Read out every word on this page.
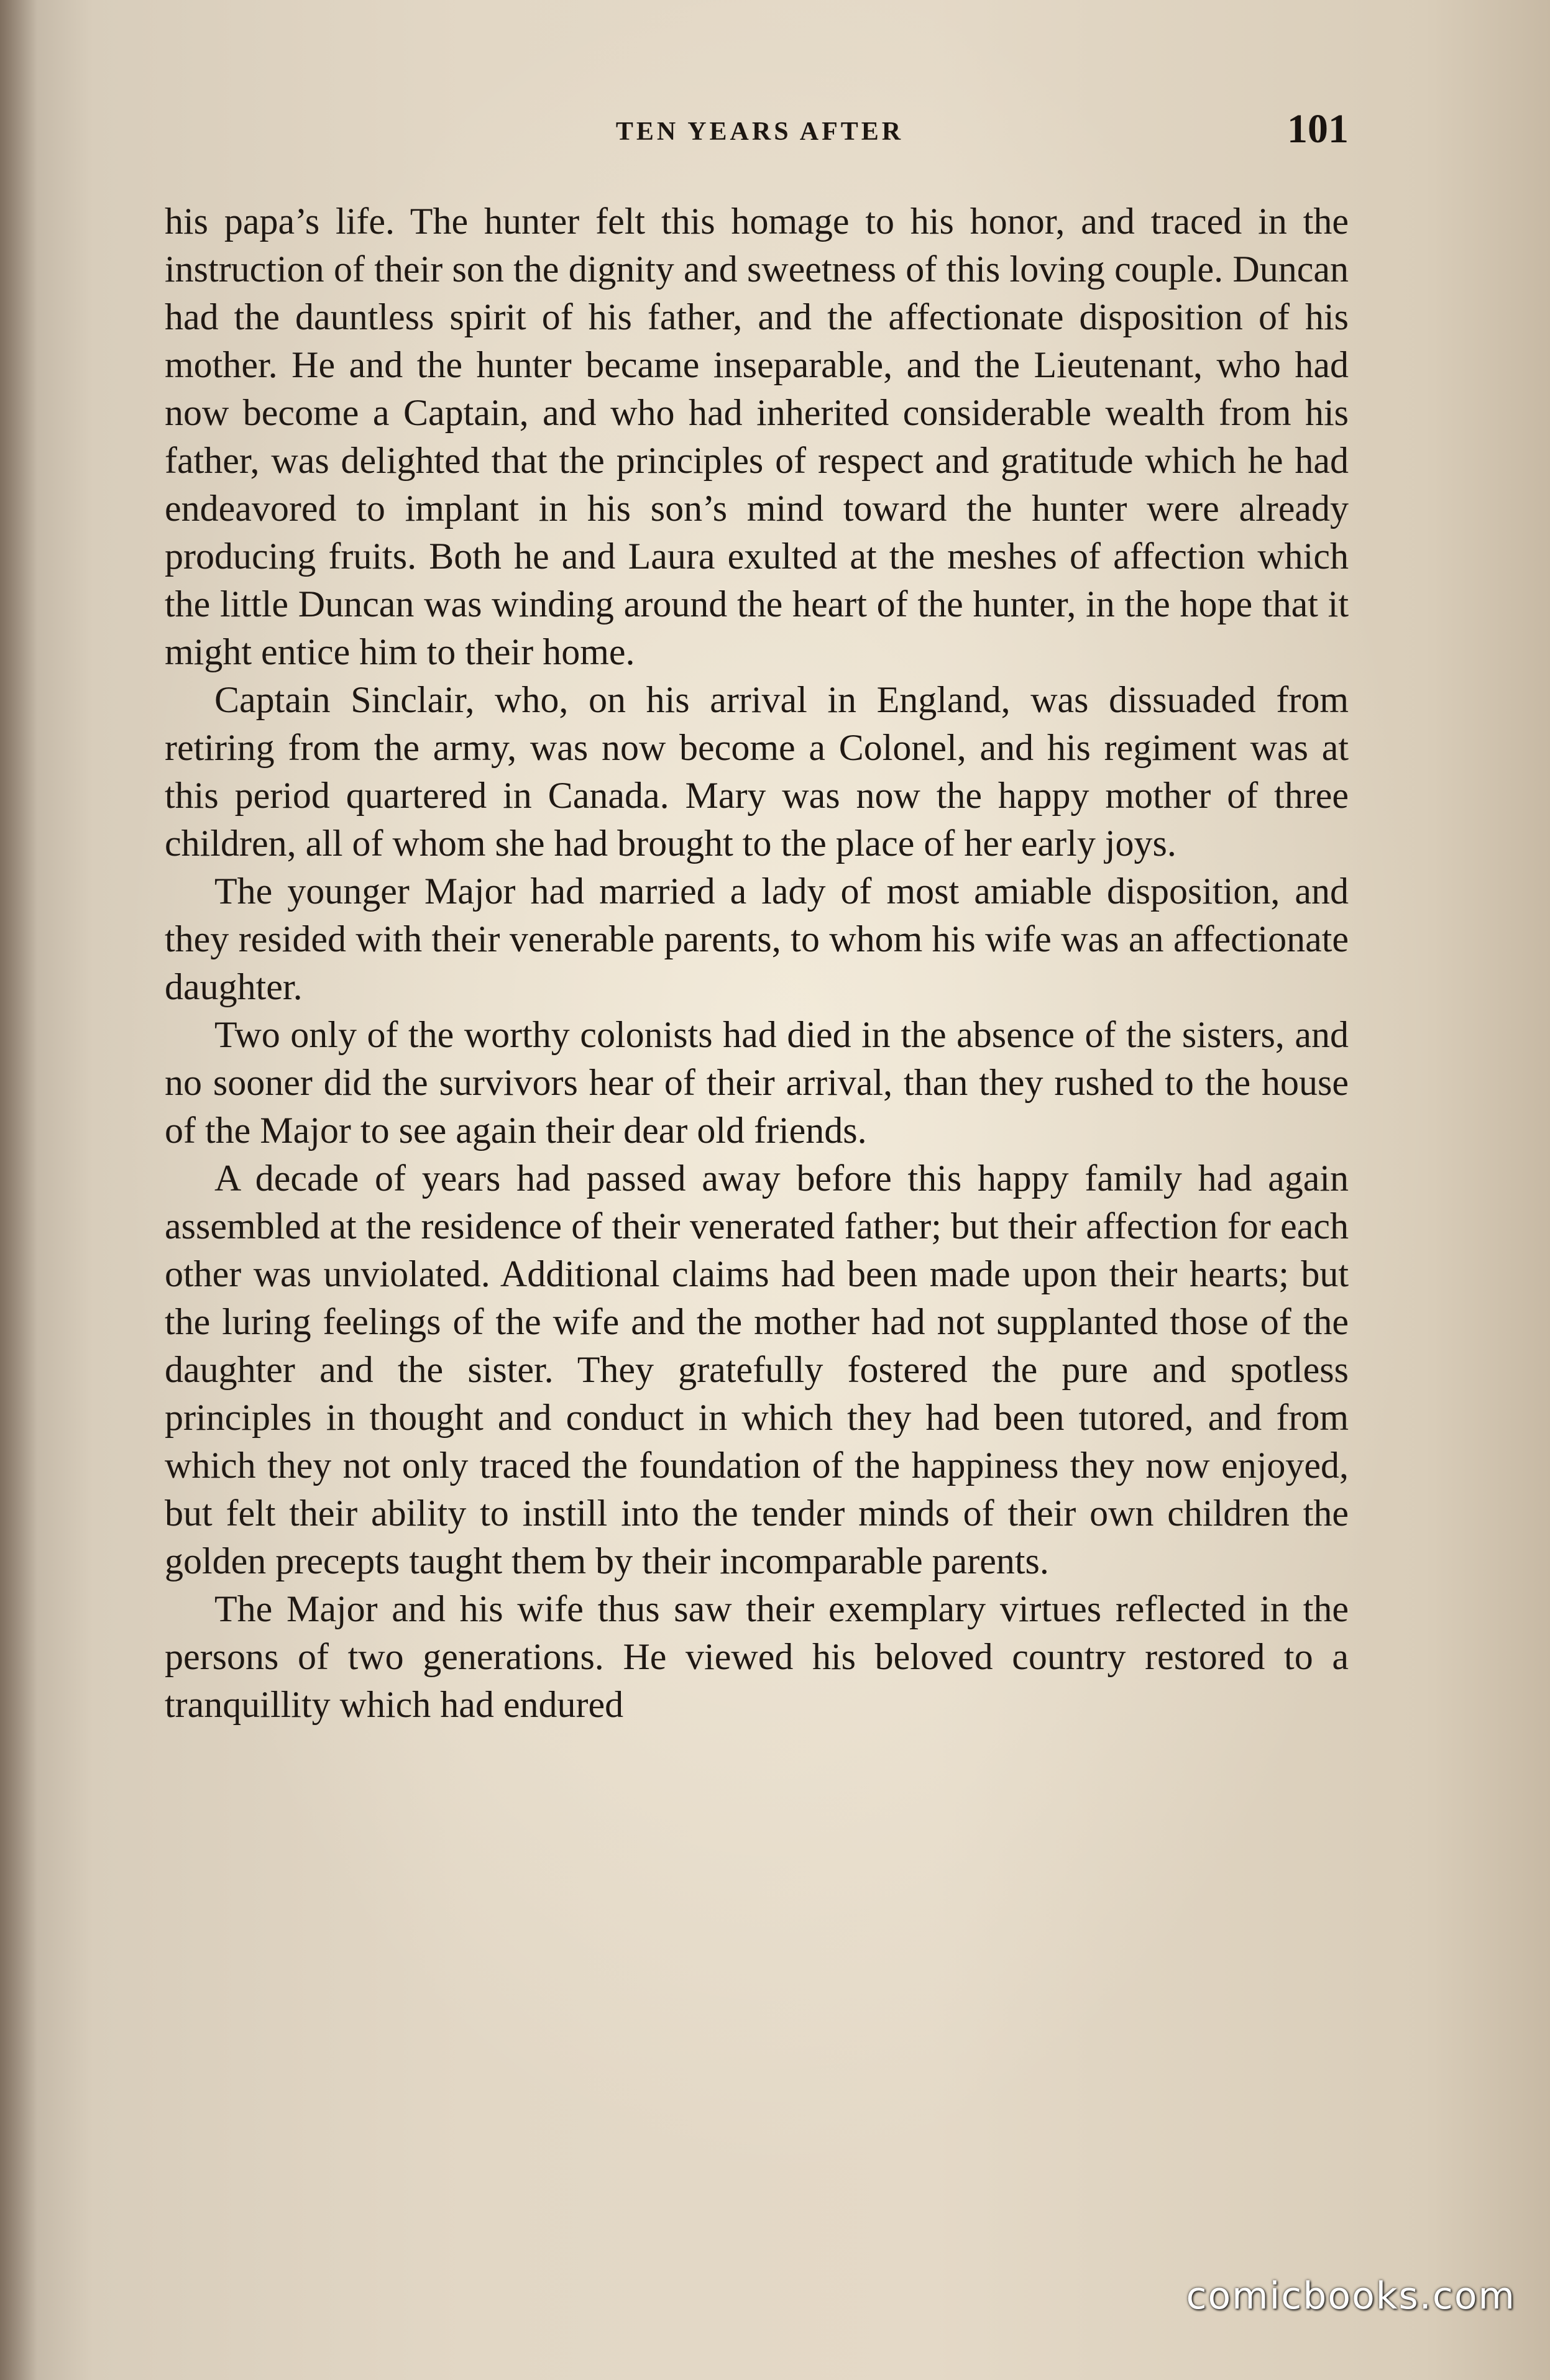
TEN YEARS AFTER	101

his papa’s life. The hunter felt this homage to his honor, and traced in the instruction of their son the dignity and sweetness of this loving couple. Duncan had the dauntless spirit of his father, and the affectionate disposition of his mother. He and the hunter became inseparable, and the Lieutenant, who had now become a Captain, and who had inherited considerable wealth from his father, was delighted that the principles of respect and gratitude which he had endeavored to implant in his son’s mind toward the hunter were already producing fruits. Both he and Laura exulted at the meshes of affection which the little Duncan was winding around the heart of the hunter, in the hope that it might entice him to their home.

Captain Sinclair, who, on his arrival in England, was dissuaded from retiring from the army, was now become a Colonel, and his regiment was at this period quartered in Canada. Mary was now the happy mother of three children, all of whom she had brought to the place of her early joys.

The younger Major had married a lady of most amiable disposition, and they resided with their venerable parents, to whom his wife was an affectionate daughter.

Two only of the worthy colonists had died in the absence of the sisters, and no sooner did the survivors hear of their arrival, than they rushed to the house of the Major to see again their dear old friends.

A decade of years had passed away before this happy family had again assembled at the residence of their venerated father; but their affection for each other was unviolated. Additional claims had been made upon their hearts; but the luring feelings of the wife and the mother had not supplanted those of the daughter and the sister. They gratefully fostered the pure and spotless principles in thought and conduct in which they had been tutored, and from which they not only traced the foundation of the happiness they now enjoyed, but felt their ability to instill into the tender minds of their own children the golden precepts taught them by their incomparable parents.

The Major and his wife thus saw their exemplary virtues reflected in the persons of two generations. He viewed his beloved country restored to a tranquillity which had endured

comicbooks.com
